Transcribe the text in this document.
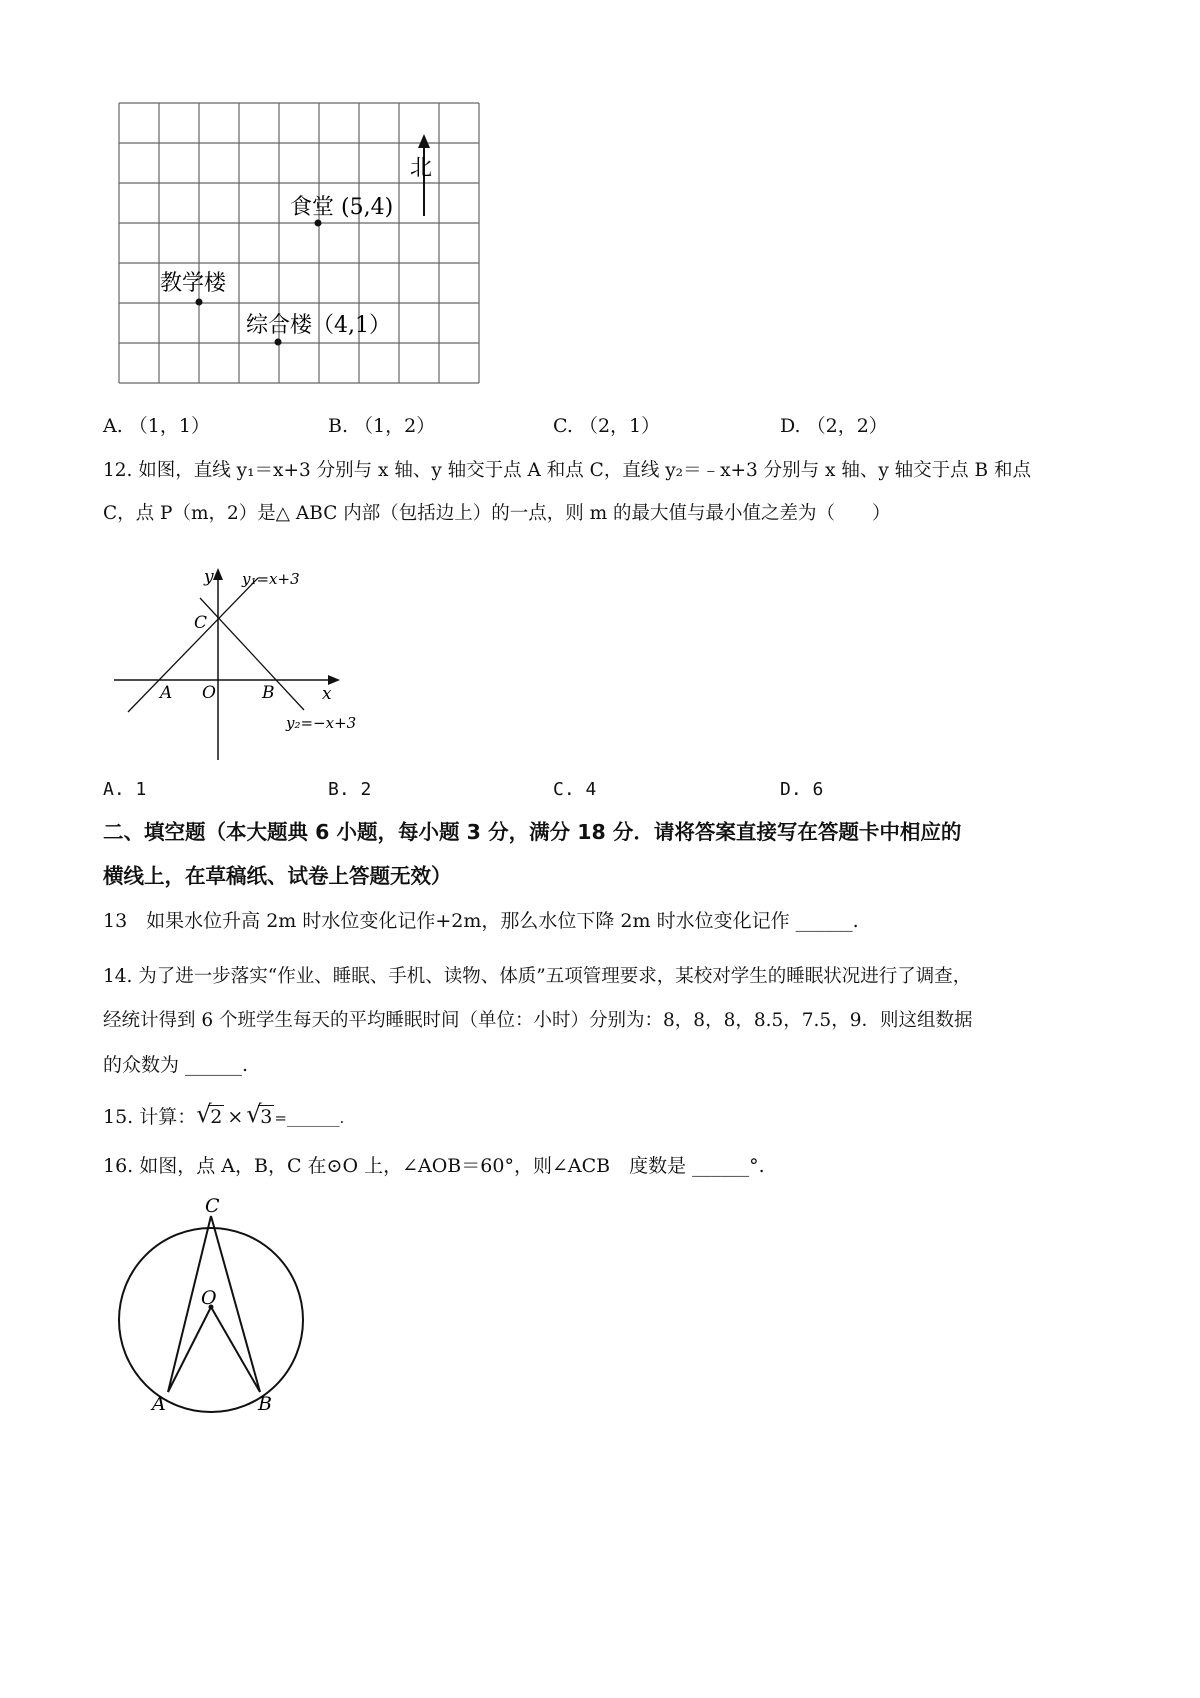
北
食堂 (5,4)
教学楼
综合楼（4,1）
A. （1，1）	B. （1，2）	C. （2，1）	D. （2，2）
12. 如图，直线 y₁＝x+3 分别与 x 轴、y 轴交于点 A 和点 C，直线 y₂＝﹣x+3 分别与 x 轴、y 轴交于点 B 和点
C，点 P（m，2）是△ ABC 内部（包括边上）的一点，则 m 的最大值与最小值之差为（　　）
y
x
y₁=x+3
y₂=−x+3
C
A O	B
A. 1	B. 2	C. 4	D. 6
二、填空题（本大题典 6 小题，每小题 3 分，满分 18 分．请将答案直接写在答题卡中相应的
横线上，在草稿纸、试卷上答题无效）
13　如果水位升高 2m 时水位变化记作+2m，那么水位下降 2m 时水位变化记作 ______.
14. 为了进一步落实“作业、睡眠、手机、读物、体质”五项管理要求，某校对学生的睡眠状况进行了调查，
经统计得到 6 个班学生每天的平均睡眠时间（单位：小时）分别为：8，8，8，8.5，7.5，9．则这组数据
的众数为 ______.
15. 计算： √
2 × √
3 =_______.
16. 如图，点 A，B，C 在⊙O 上，∠AOB＝60°，则∠ACB　度数是 ______°.
C
O
A	B
